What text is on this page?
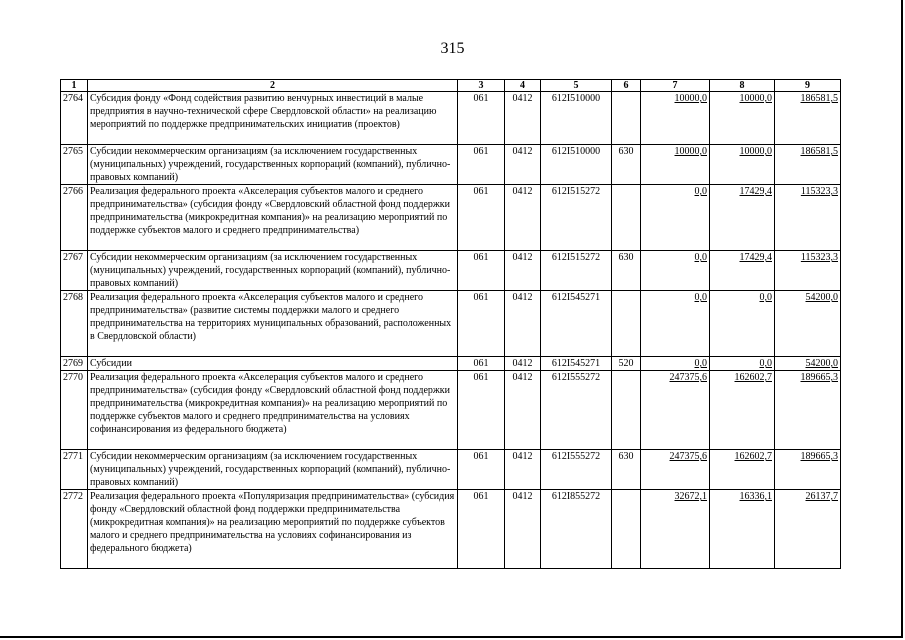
315
1	2	3	4	5	6	7	8	9
2764	Субсидия фонду «Фонд содействия развитию венчурных инвестиций в малые предприятия в научно-технической сфере Свердловской области» на реализацию мероприятий по поддержке предпринимательских инициатив (проектов)	061	0412	612I510000		10000,0	10000,0	186581,5
2765	Субсидии некоммерческим организациям (за исключением государственных (муниципальных) учреждений, государственных корпораций (компаний), публично-правовых компаний)	061	0412	612I510000	630	10000,0	10000,0	186581,5
2766	Реализация федерального проекта «Акселерация субъектов малого и среднего предпринимательства» (субсидия фонду «Свердловский областной фонд поддержки предпринимательства (микрокредитная компания)» на реализацию мероприятий по поддержке субъектов малого и среднего предпринимательства)	061	0412	612I515272		0,0	17429,4	115323,3
2767	Субсидии некоммерческим организациям (за исключением государственных (муниципальных) учреждений, государственных корпораций (компаний), публично-правовых компаний)	061	0412	612I515272	630	0,0	17429,4	115323,3
2768	Реализация федерального проекта «Акселерация субъектов малого и среднего предпринимательства» (развитие системы поддержки малого и среднего предпринимательства на территориях муниципальных образований, расположенных в Свердловской области)	061	0412	612I545271		0,0	0,0	54200,0
2769	Субсидии	061	0412	612I545271	520	0,0	0,0	54200,0
2770	Реализация федерального проекта «Акселерация субъектов малого и среднего предпринимательства» (субсидия фонду «Свердловский областной фонд поддержки предпринимательства (микрокредитная компания)» на реализацию мероприятий по поддержке субъектов малого и среднего предпринимательства на условиях софинансирования из федерального бюджета)	061	0412	612I555272		247375,6	162602,7	189665,3
2771	Субсидии некоммерческим организациям (за исключением государственных (муниципальных) учреждений, государственных корпораций (компаний), публично-правовых компаний)	061	0412	612I555272	630	247375,6	162602,7	189665,3
2772	Реализация федерального проекта «Популяризация предпринимательства» (субсидия фонду «Свердловский областной фонд поддержки предпринимательства (микрокредитная компания)» на реализацию мероприятий по поддержке субъектов малого и среднего предпринимательства на условиях софинансирования из федерального бюджета)	061	0412	612I855272		32672,1	16336,1	26137,7
